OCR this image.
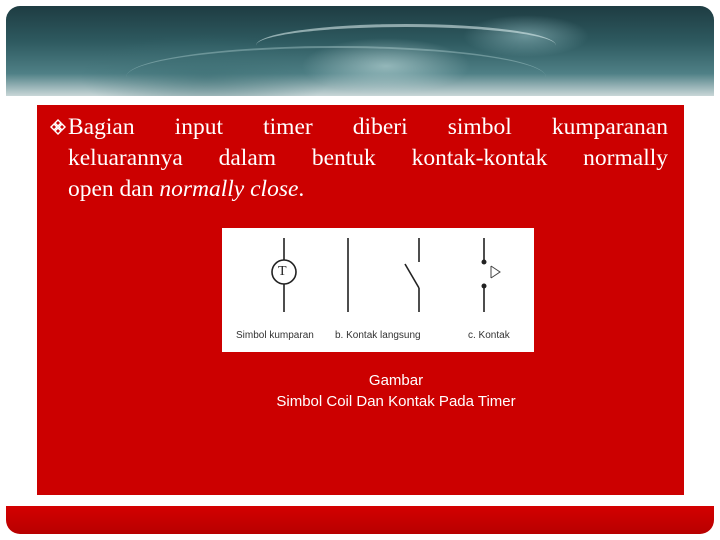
Bagian input timer diberi simbol kumparanan
keluarannya dalam bentuk kontak-kontak normally
open dan normally close.
T
Simbol kumparan b. Kontak langsung	c. Kontak
Gambar
Simbol Coil Dan Kontak Pada Timer
